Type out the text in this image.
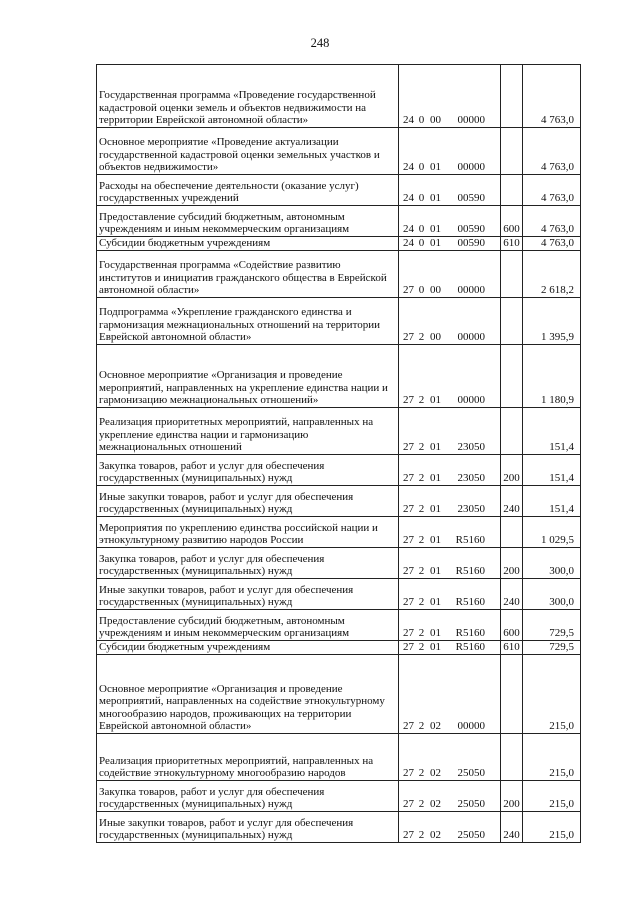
248
Государственная программа «Проведение государственной кадастровой оценки земель и объектов недвижимости на территории Еврейской автономной области»	24 0 00 00000		4 763,0
Основное мероприятие «Проведение актуализации государственной кадастровой оценки земельных участков и объектов недвижимости»	24 0 01 00000		4 763,0
Расходы на обеспечение деятельности (оказание услуг) государственных учреждений	24 0 01 00590		4 763,0
Предоставление субсидий бюджетным, автономным учреждениям и иным некоммерческим организациям	24 0 01 00590	600	4 763,0
Субсидии бюджетным учреждениям	24 0 01 00590	610	4 763,0
Государственная программа «Содействие развитию институтов и инициатив гражданского общества в Еврейской автономной области»	27 0 00 00000		2 618,2
Подпрограмма «Укрепление гражданского единства и гармонизация межнациональных отношений на территории Еврейской автономной области»	27 2 00 00000		1 395,9
Основное мероприятие «Организация и проведение мероприятий, направленных на укрепление единства нации и гармонизацию межнациональных отношений»	27 2 01 00000		1 180,9
Реализация приоритетных мероприятий, направленных на укрепление единства нации и гармонизацию межнациональных отношений	27 2 01 23050		151,4
Закупка товаров, работ и услуг для обеспечения государственных (муниципальных) нужд	27 2 01 23050	200	151,4
Иные закупки товаров, работ и услуг для обеспечения государственных (муниципальных) нужд	27 2 01 23050	240	151,4
Мероприятия по укреплению единства российской нации и этнокультурному развитию народов России	27 2 01 R5160		1 029,5
Закупка товаров, работ и услуг для обеспечения государственных (муниципальных) нужд	27 2 01 R5160	200	300,0
Иные закупки товаров, работ и услуг для обеспечения государственных (муниципальных) нужд	27 2 01 R5160	240	300,0
Предоставление субсидий бюджетным, автономным учреждениям и иным некоммерческим организациям	27 2 01 R5160	600	729,5
Субсидии бюджетным учреждениям	27 2 01 R5160	610	729,5
Основное мероприятие «Организация и проведение мероприятий, направленных на содействие этнокультурному многообразию народов, проживающих на территории Еврейской автономной области»	27 2 02 00000		215,0
Реализация приоритетных мероприятий, направленных на содействие этнокультурному многообразию народов	27 2 02 25050		215,0
Закупка товаров, работ и услуг для обеспечения государственных (муниципальных) нужд	27 2 02 25050	200	215,0
Иные закупки товаров, работ и услуг для обеспечения государственных (муниципальных) нужд	27 2 02 25050	240	215,0
